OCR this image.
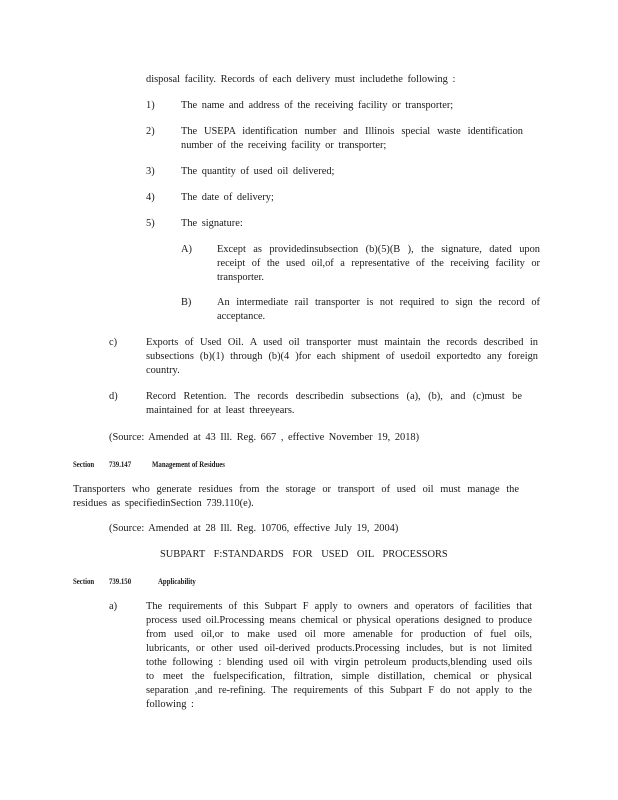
disposal facility. Records of each delivery must includethe following :
1)	The name and address of the receiving facility or transporter;
2)	The USEPA identification number and Illinois special waste identification number of the receiving facility or transporter;
3)	The quantity of used oil delivered;
4)	The date of delivery;
5)	The signature:
A) Except as providedinsubsection (b)(5)(B ), the signature, dated upon receipt of the used oil,of a representative of the receiving facility or transporter.
B) An intermediate rail transporter is not required to sign the record of acceptance.
c)	Exports of Used Oil. A used oil transporter must maintain the records described in subsections (b)(1) through (b)(4 )for each shipment of usedoil exportedto any foreign country.
d)	Record Retention. The records describedin subsections (a), (b), and (c)must be maintained for at least threeyears.
(Source: Amended at 43 Ill. Reg. 667 , effective November 19, 2018)
Section 739.147	Management of Residues
Transporters who generate residues from the storage or transport of used oil must manage the residues as specifiedinSection 739.110(e).
(Source: Amended at 28 Ill. Reg. 10706, effective July 19, 2004)
SUBPART F:STANDARDS FOR USED OIL PROCESSORS
Section 739.150	Applicability
a)	The requirements of this Subpart F apply to owners and operators of facilities that process used oil.Processing means chemical or physical operations designed to produce from used oil,or to make used oil more amenable for production of fuel oils, lubricants, or other used oil-derived products.Processing includes, but is not limited tothe following : blending used oil with virgin petroleum products,blending used oils to meet the fuelspecification, filtration, simple distillation, chemical or physical separation ,and re-refining. The requirements of this Subpart F do not apply to the following :
